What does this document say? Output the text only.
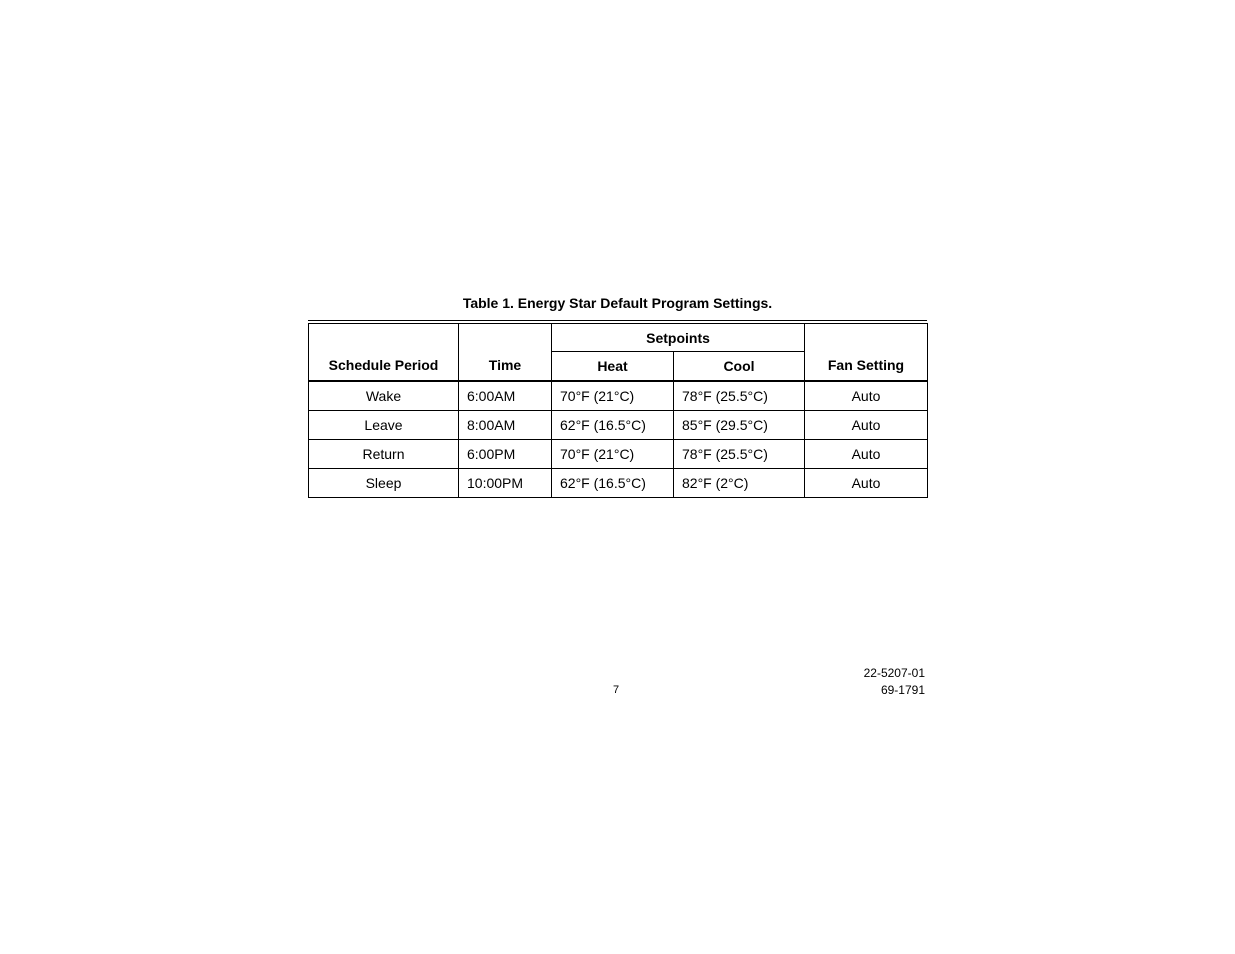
Table 1. Energy Star Default Program Settings.
Schedule Period	Time	Setpoints		Fan Setting
		Heat	Cool	
Wake	6:00AM	70°F (21°C)	78°F (25.5°C)	Auto
Leave	8:00AM	62°F (16.5°C)	85°F (29.5°C)	Auto
Return	6:00PM	70°F (21°C)	78°F (25.5°C)	Auto
Sleep	10:00PM	62°F (16.5°C)	82°F (2°C)	Auto
7
22-5207-01
69-1791
